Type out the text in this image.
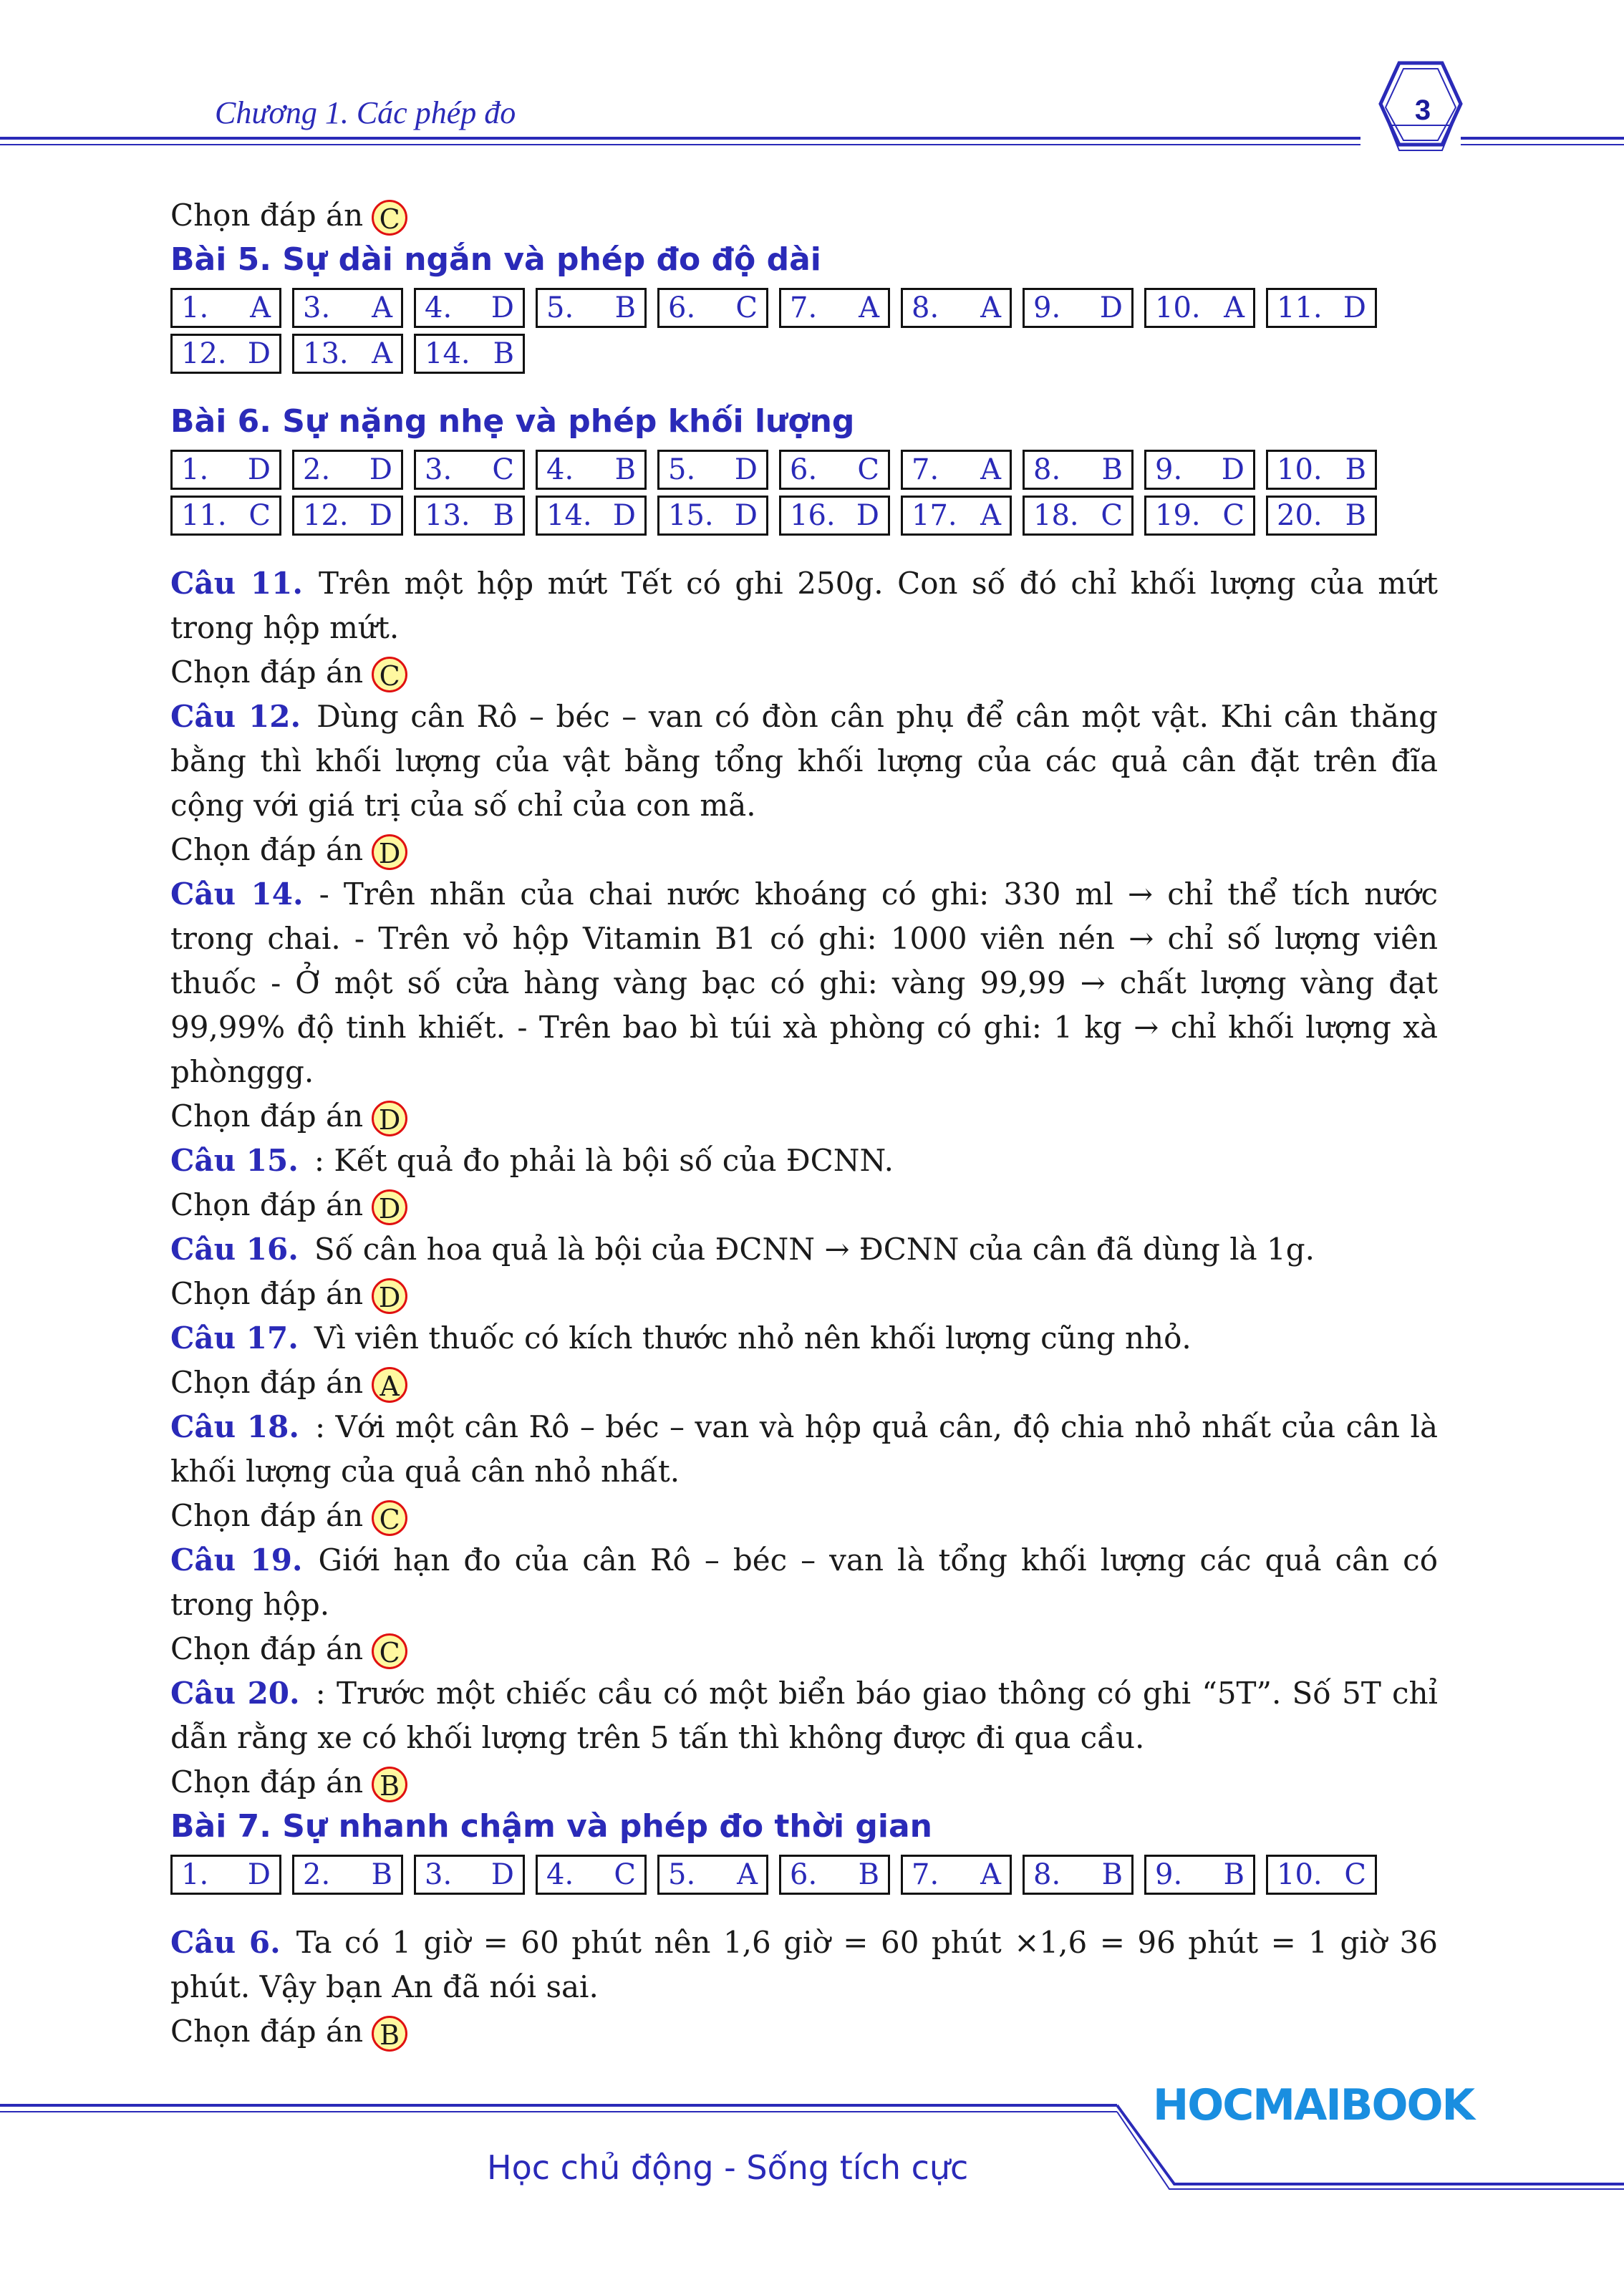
Chương 1. Các phép đo	3
Chọn đáp án C
Bài 5. Sự dài ngắn và phép đo độ dài
1. A 3. A 4. D 5. B 6. C 7. A 8. A 9. D 10. A 11. D
12. D 13. A 14. B
Bài 6. Sự nặng nhẹ và phép khối lượng
1. D 2. D 3. C 4. B 5. D 6. C 7. A 8. B 9. D 10. B
11. C 12. D 13. B 14. D 15. D 16. D 17. A 18. C 19. C 20. B
Câu 11. Trên một hộp mứt Tết có ghi 250g. Con số đó chỉ khối lượng của mứt trong hộp mứt.
Chọn đáp án C
Câu 12. Dùng cân Rô – béc – van có đòn cân phụ để cân một vật. Khi cân thăng bằng thì khối lượng của vật bằng tổng khối lượng của các quả cân đặt trên đĩa cộng với giá trị của số chỉ của con mã.
Chọn đáp án D
Câu 14. - Trên nhãn của chai nước khoáng có ghi: 330 ml → chỉ thể tích nước trong chai. - Trên vỏ hộp Vitamin B1 có ghi: 1000 viên nén → chỉ số lượng viên thuốc - Ở một số cửa hàng vàng bạc có ghi: vàng 99,99 → chất lượng vàng đạt 99,99% độ tinh khiết. - Trên bao bì túi xà phòng có ghi: 1 kg → chỉ khối lượng xà phònggg.
Chọn đáp án D
Câu 15. : Kết quả đo phải là bội số của ĐCNN.
Chọn đáp án D
Câu 16. Số cân hoa quả là bội của ĐCNN → ĐCNN của cân đã dùng là 1g.
Chọn đáp án D
Câu 17. Vì viên thuốc có kích thước nhỏ nên khối lượng cũng nhỏ.
Chọn đáp án A
Câu 18. : Với một cân Rô – béc – van và hộp quả cân, độ chia nhỏ nhất của cân là khối lượng của quả cân nhỏ nhất.
Chọn đáp án C
Câu 19. Giới hạn đo của cân Rô – béc – van là tổng khối lượng các quả cân có trong hộp.
Chọn đáp án C
Câu 20. : Trước một chiếc cầu có một biển báo giao thông có ghi “5T”. Số 5T chỉ dẫn rằng xe có khối lượng trên 5 tấn thì không được đi qua cầu.
Chọn đáp án B
Bài 7. Sự nhanh chậm và phép đo thời gian
1. D 2. B 3. D 4. C 5. A 6. B 7. A 8. B 9. B 10. C
Câu 6. Ta có 1 giờ = 60 phút nên 1,6 giờ = 60 phút ×1,6 = 96 phút = 1 giờ 36 phút. Vậy bạn An đã nói sai.
Chọn đáp án B
HOCMAIBOOK
Học chủ động - Sống tích cực
